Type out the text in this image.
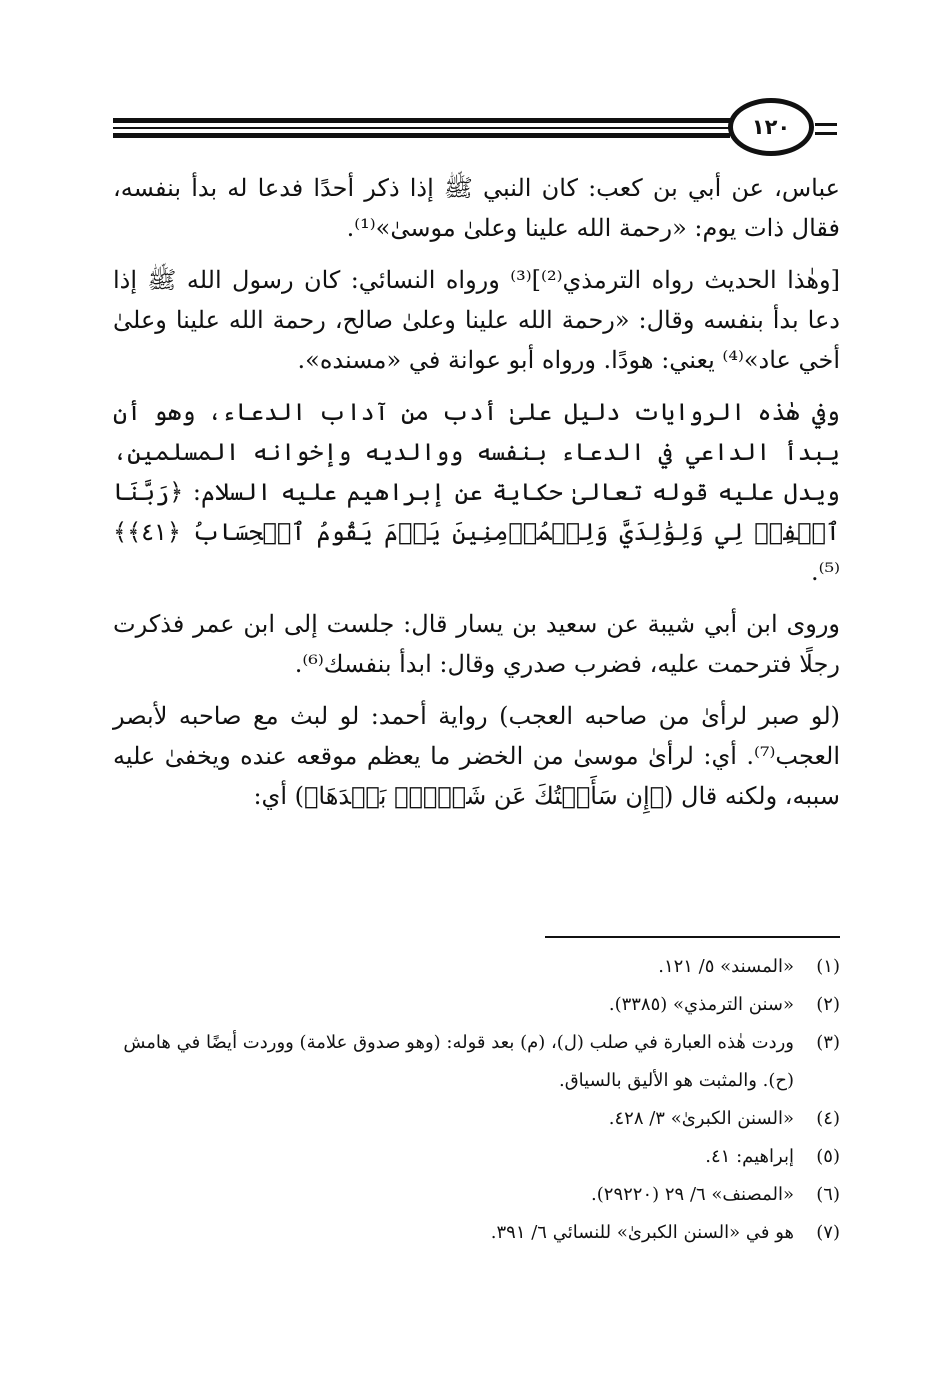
١٢٠

عباس، عن أبي بن كعب: كان النبي ﷺ إذا ذكر أحدًا فدعا له بدأ بنفسه، فقال ذات يوم: «رحمة الله علينا وعلىٰ موسىٰ»⁽¹⁾.

[وهٰذا الحديث رواه الترمذي⁽²⁾]⁽³⁾ ورواه النسائي: كان رسول الله ﷺ إذا دعا بدأ بنفسه وقال: «رحمة الله علينا وعلىٰ صالح، رحمة الله علينا وعلىٰ أخي عاد»⁽⁴⁾ يعني: هودًا. ورواه أبو عوانة في «مسنده».

وفي هٰذه الروايات دليل علىٰ أدب من آداب الدعاء، وهو أن يبدأ الداعي في الدعاء بنفسه ووالديه وإخوانه المسلمين، ويدل عليه قوله تعالىٰ حكاية عن إبراهيم عليه السلام: ﴿رَبَّنَا ٱغۡفِرۡ لِي وَلِوَٰلِدَيَّ وَلِلۡمُؤۡمِنِينَ يَوۡمَ يَقُومُ ٱلۡحِسَابُ ﴿٤١﴾﴾⁽⁵⁾.

وروى ابن أبي شيبة عن سعيد بن يسار قال: جلست إلى ابن عمر فذكرت رجلًا فترحمت عليه، فضرب صدري وقال: ابدأ بنفسك⁽⁶⁾.

(لو صبر لرأىٰ من صاحبه العجب) رواية أحمد: لو لبث مع صاحبه لأبصر العجب⁽⁷⁾. أي: لرأىٰ موسىٰ من الخضر ما يعظم موقعه عنده ويخفىٰ عليه سببه، ولكنه قال (﴿إِن سَأَلۡتُكَ عَن شَيۡءِۭ بَعۡدَهَا﴾) أي:

(١)
«المسند» ٥/ ١٢١.
(٢)
«سنن الترمذي» (٣٣٨٥).
(٣)
وردت هٰذه العبارة في صلب (ل)، (م) بعد قوله: (وهو صدوق علامة) ووردت أيضًا في هامش (ح). والمثبت هو الأليق بالسياق.
(٤)
«السنن الكبرىٰ» ٣/ ٤٢٨.
(٥)
إبراهيم: ٤١.
(٦)
«المصنف» ٦/ ٢٩ (٢٩٢٢٠).
(٧)
هو في «السنن الكبرىٰ» للنسائي ٦/ ٣٩١.
